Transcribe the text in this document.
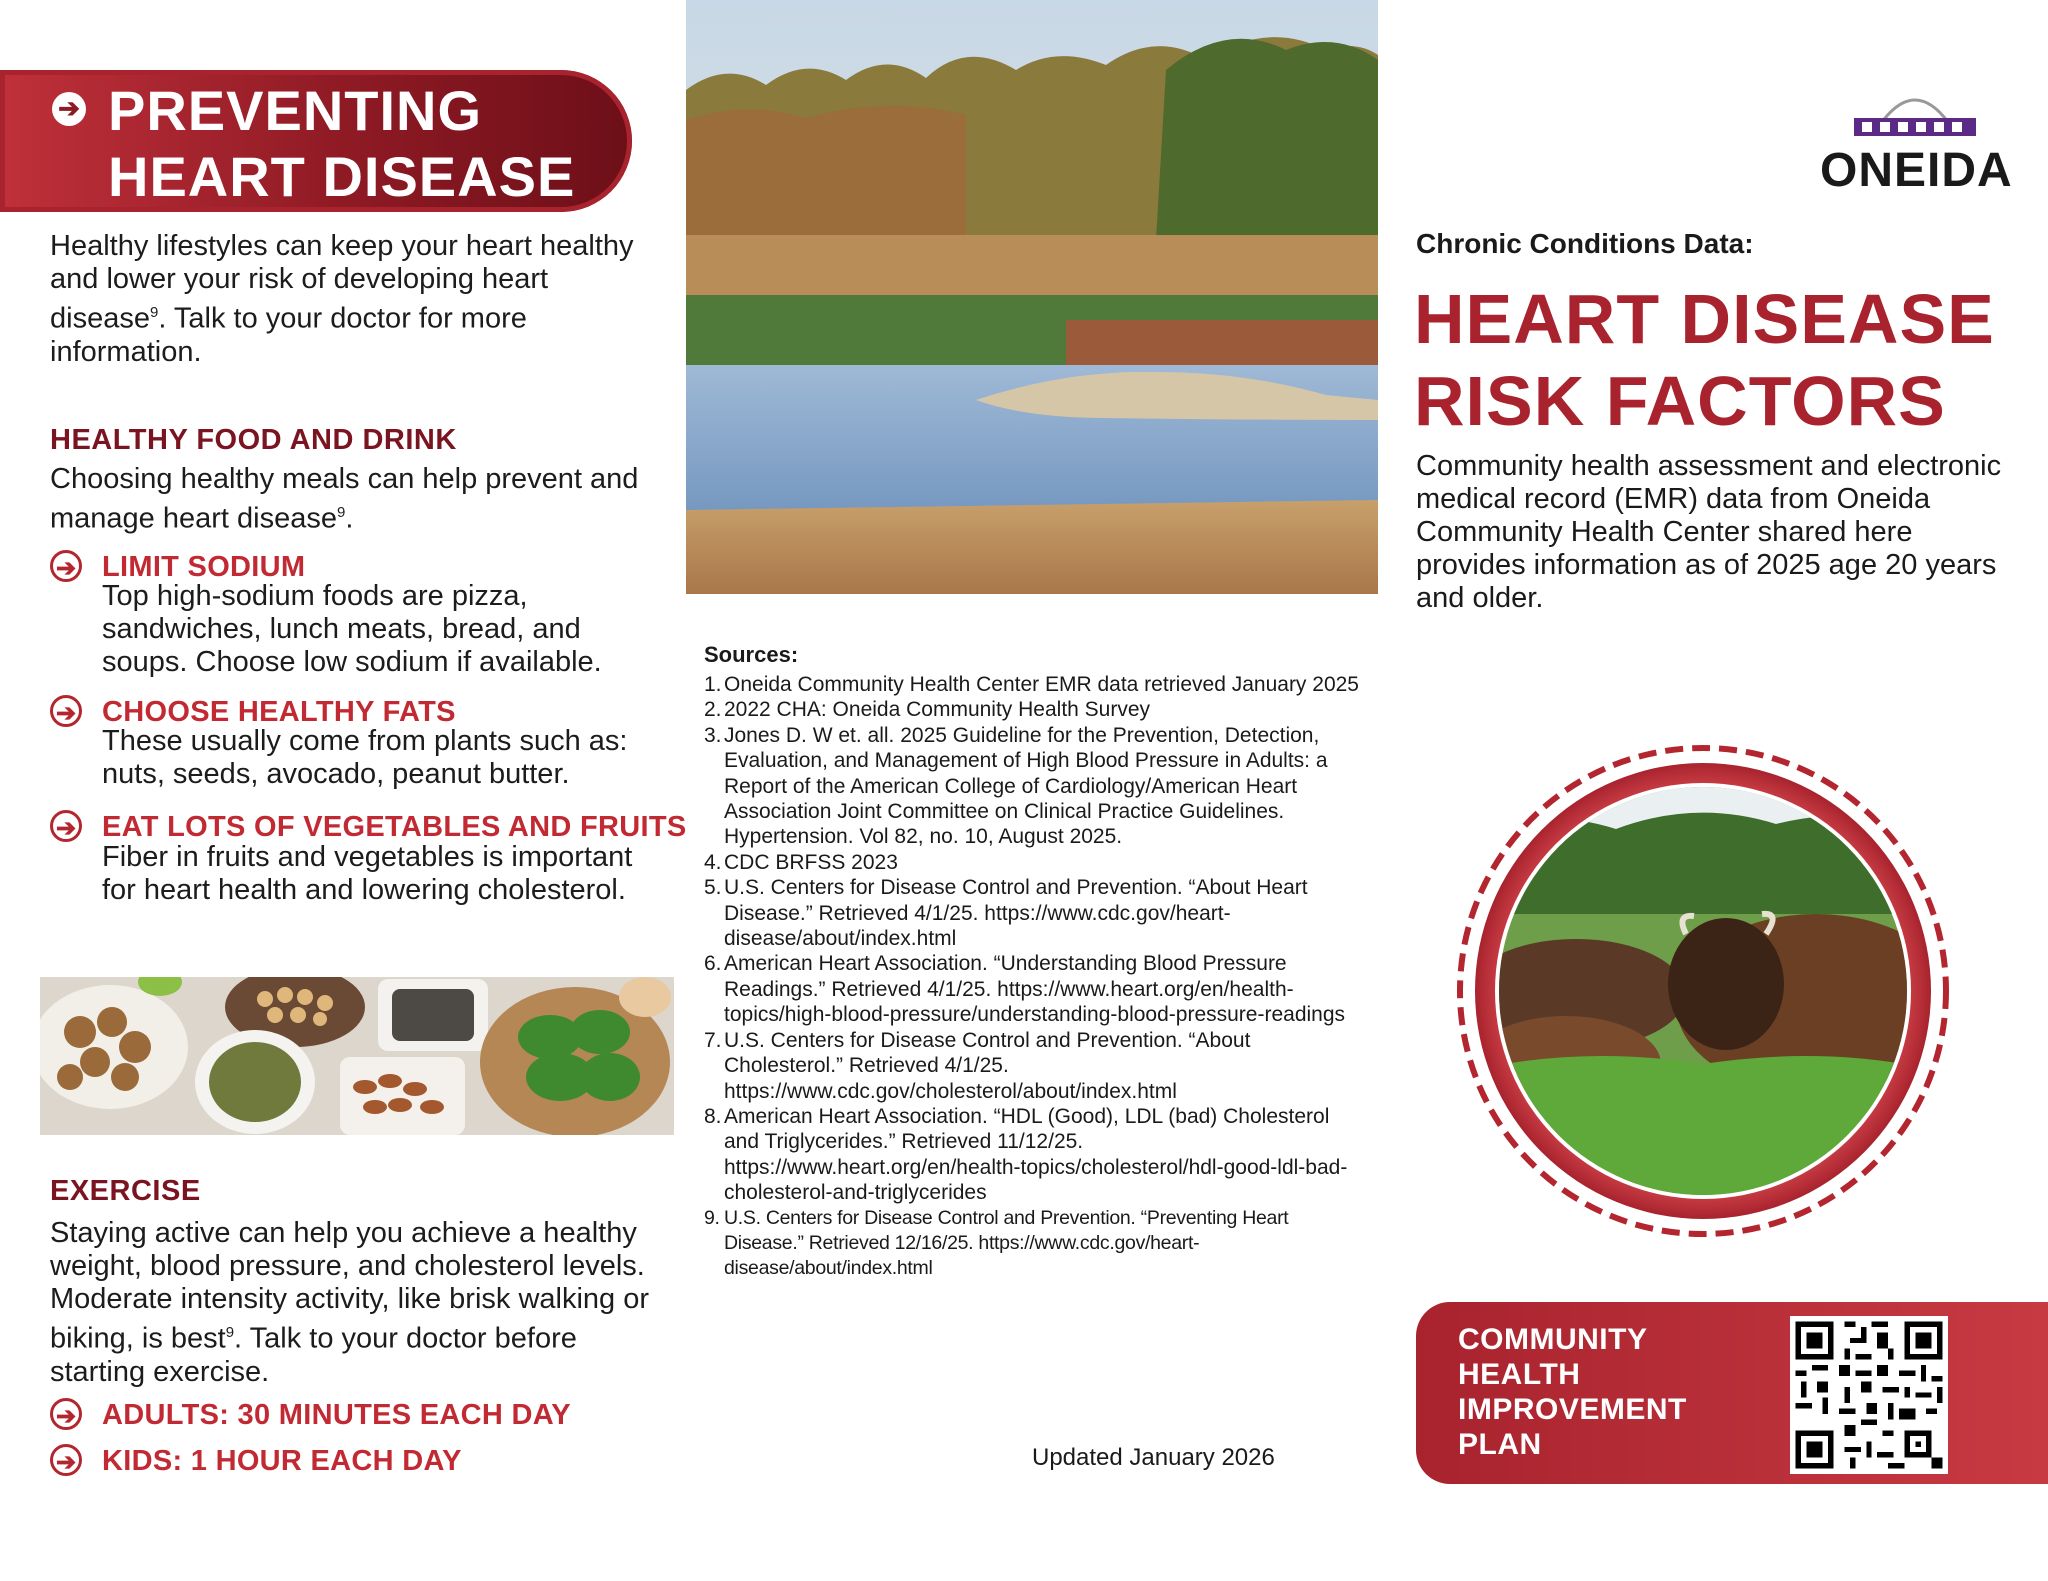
➔ PREVENTING
HEART DISEASE
Healthy lifestyles can keep your heart healthy and lower your risk of developing heart disease$^9$. Talk to your doctor for more information.
HEALTHY FOOD AND DRINK
Choosing healthy meals can help prevent and manage heart disease$^9$.
➔ LIMIT SODIUM
Top high-sodium foods are pizza, sandwiches, lunch meats, bread, and soups. Choose low sodium if available.
➔ CHOOSE HEALTHY FATS
These usually come from plants such as: nuts, seeds, avocado, peanut butter.
➔ EAT LOTS OF VEGETABLES AND FRUITS
Fiber in fruits and vegetables is important for heart health and lowering cholesterol.
EXERCISE
Staying active can help you achieve a healthy weight, blood pressure, and cholesterol levels. Moderate intensity activity, like brisk walking or biking, is best$^9$. Talk to your doctor before starting exercise.
➔ ADULTS: 30 MINUTES EACH DAY
➔ KIDS: 1 HOUR EACH DAY
Sources:
1. Oneida Community Health Center EMR data retrieved January 2025
2. 2022 CHA: Oneida Community Health Survey
3. Jones D. W et. all. 2025 Guideline for the Prevention, Detection, Evaluation, and Management of High Blood Pressure in Adults: a Report of the American College of Cardiology/American Heart Association Joint Committee on Clinical Practice Guidelines. Hypertension. Vol 82, no. 10, August 2025.
4. CDC BRFSS 2023
5. U.S. Centers for Disease Control and Prevention. “About Heart Disease.” Retrieved 4/1/25. https://www.cdc.gov/heart-disease/about/index.html
6. American Heart Association. “Understanding Blood Pressure Readings.” Retrieved 4/1/25. https://www.heart.org/en/health-topics/high-blood-pressure/understanding-blood-pressure-readings
7. U.S. Centers for Disease Control and Prevention. “About Cholesterol.” Retrieved 4/1/25. https://www.cdc.gov/cholesterol/about/index.html
8. American Heart Association. “HDL (Good), LDL (bad) Cholesterol and Triglycerides.” Retrieved 11/12/25. https://www.heart.org/en/health-topics/cholesterol/hdl-good-ldl-bad-cholesterol-and-triglycerides
9. U.S. Centers for Disease Control and Prevention. “Preventing Heart Disease.” Retrieved 12/16/25. https://www.cdc.gov/heart-disease/about/index.html
Updated January 2026
ONEIDA
Chronic Conditions Data:
HEART DISEASE
RISK FACTORS
Community health assessment and electronic medical record (EMR) data from Oneida Community Health Center shared here provides information as of 2025 age 20 years and older.
COMMUNITY
HEALTH
IMPROVEMENT
PLAN
